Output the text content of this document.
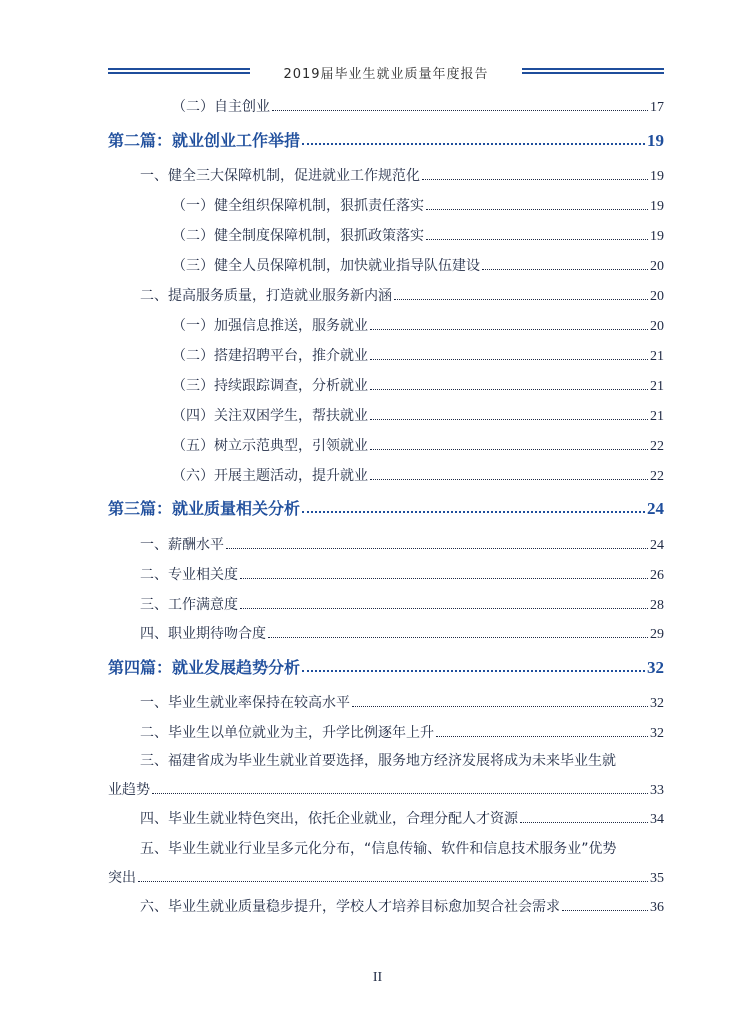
2019届毕业生就业质量年度报告
（二）自主创业	17
第二篇：就业创业工作举措	19
一、健全三大保障机制，促进就业工作规范化	19
（一）健全组织保障机制，狠抓责任落实	19
（二）健全制度保障机制，狠抓政策落实	19
（三）健全人员保障机制，加快就业指导队伍建设	20
二、提高服务质量，打造就业服务新内涵	20
（一）加强信息推送，服务就业	20
（二）搭建招聘平台，推介就业	21
（三）持续跟踪调查，分析就业	21
（四）关注双困学生，帮扶就业	21
（五）树立示范典型，引领就业	22
（六）开展主题活动，提升就业	22
第三篇：就业质量相关分析	24
一、薪酬水平	24
二、专业相关度	26
三、工作满意度	28
四、职业期待吻合度	29
第四篇：就业发展趋势分析	32
一、毕业生就业率保持在较高水平	32
二、毕业生以单位就业为主，升学比例逐年上升	32
三、福建省成为毕业生就业首要选择，服务地方经济发展将成为未来毕业生就
业趋势	33
四、毕业生就业特色突出，依托企业就业，合理分配人才资源	34
五、毕业生就业行业呈多元化分布，“信息传输、软件和信息技术服务业”优势
突出	35
六、毕业生就业质量稳步提升，学校人才培养目标愈加契合社会需求	36
II
